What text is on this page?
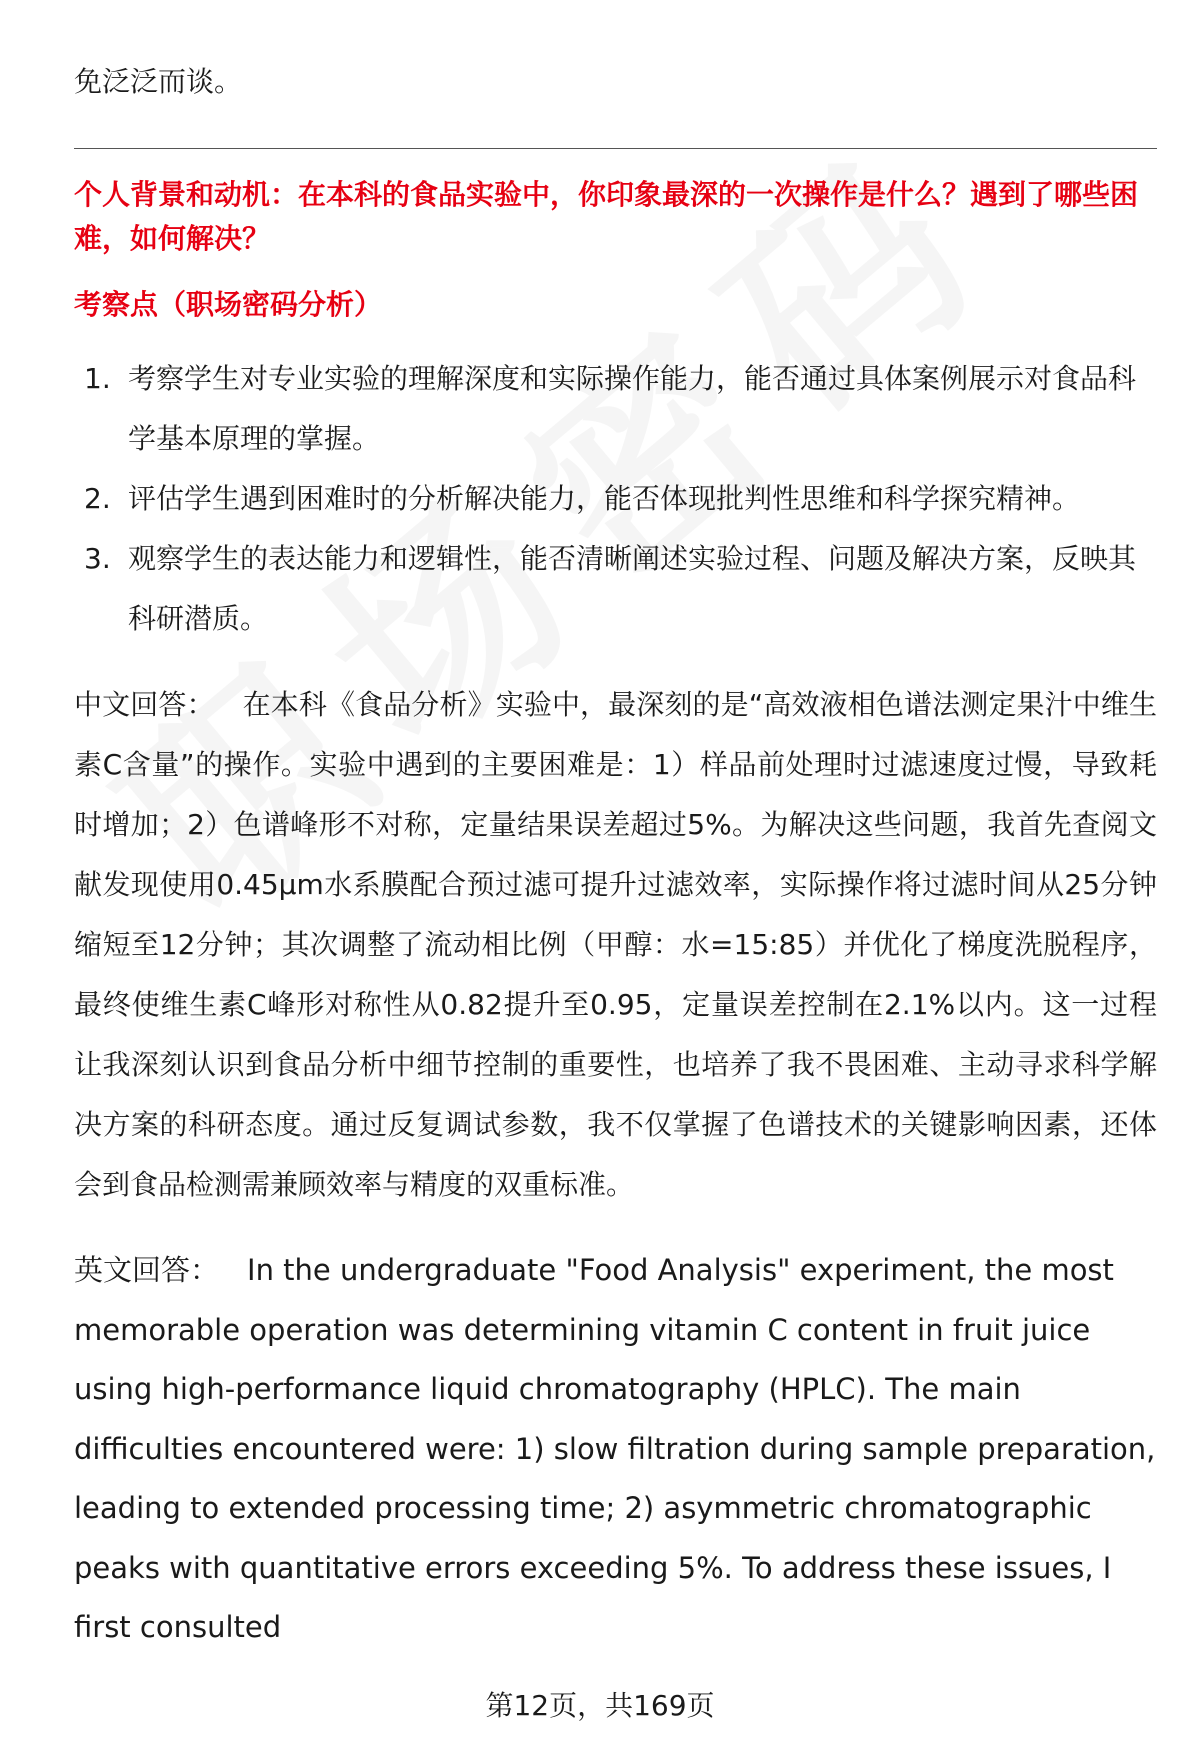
免泛泛而谈。

个人背景和动机：在本科的食品实验中，你印象最深的一次操作是什么？遇到了哪些困难，如何解决？

考察点（职场密码分析）

1. 考察学生对专业实验的理解深度和实际操作能力，能否通过具体案例展示对食品科学基本原理的掌握。
2. 评估学生遇到困难时的分析解决能力，能否体现批判性思维和科学探究精神。
3. 观察学生的表达能力和逻辑性，能否清晰阐述实验过程、问题及解决方案，反映其科研潜质。

中文回答： 在本科《食品分析》实验中，最深刻的是“高效液相色谱法测定果汁中维生素C含量”的操作。实验中遇到的主要困难是：1）样品前处理时过滤速度过慢，导致耗时增加；2）色谱峰形不对称，定量结果误差超过5%。为解决这些问题，我首先查阅文献发现使用0.45μm水系膜配合预过滤可提升过滤效率，实际操作将过滤时间从25分钟缩短至12分钟；其次调整了流动相比例（甲醇：水=15:85）并优化了梯度洗脱程序，最终使维生素C峰形对称性从0.82提升至0.95，定量误差控制在2.1%以内。这一过程让我深刻认识到食品分析中细节控制的重要性，也培养了我不畏困难、主动寻求科学解决方案的科研态度。通过反复调试参数，我不仅掌握了色谱技术的关键影响因素，还体会到食品检测需兼顾效率与精度的双重标准。

英文回答： In the undergraduate "Food Analysis" experiment, the most memorable operation was determining vitamin C content in fruit juice using high-performance liquid chromatography (HPLC). The main difficulties encountered were: 1) slow filtration during sample preparation, leading to extended processing time; 2) asymmetric chromatographic peaks with quantitative errors exceeding 5%. To address these issues, I first consulted

第12页，共169页
